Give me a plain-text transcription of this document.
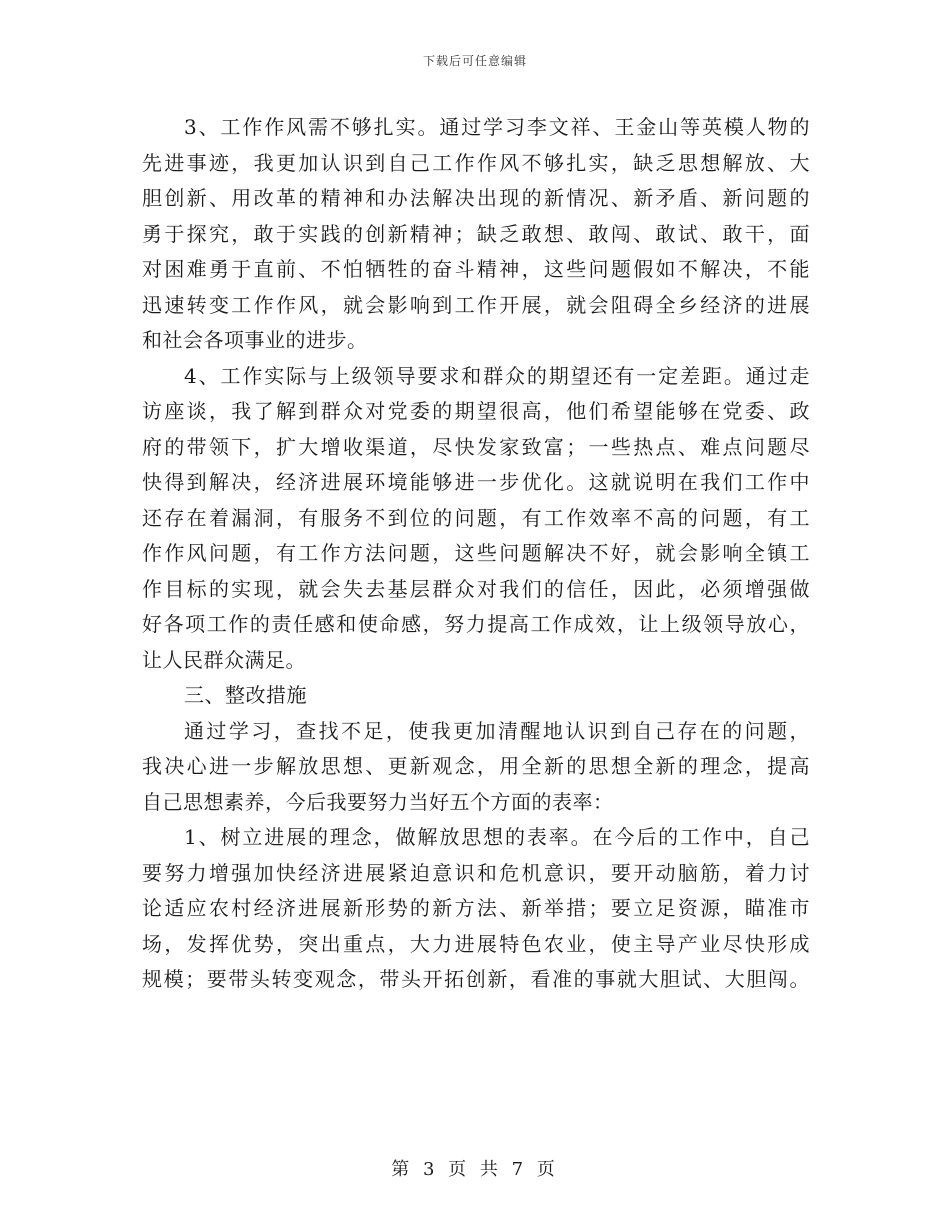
下载后可任意编辑
3、工作作风需不够扎实。通过学习李文祥、王金山等英模人物的
先进事迹，我更加认识到自己工作作风不够扎实，缺乏思想解放、大
胆创新、用改革的精神和办法解决出现的新情况、新矛盾、新问题的
勇于探究，敢于实践的创新精神；缺乏敢想、敢闯、敢试、敢干，面
对困难勇于直前、不怕牺牲的奋斗精神，这些问题假如不解决，不能
迅速转变工作作风，就会影响到工作开展，就会阻碍全乡经济的进展
和社会各项事业的进步。
4、工作实际与上级领导要求和群众的期望还有一定差距。通过走
访座谈，我了解到群众对党委的期望很高，他们希望能够在党委、政
府的带领下，扩大增收渠道，尽快发家致富；一些热点、难点问题尽
快得到解决，经济进展环境能够进一步优化。这就说明在我们工作中
还存在着漏洞，有服务不到位的问题，有工作效率不高的问题，有工
作作风问题，有工作方法问题，这些问题解决不好，就会影响全镇工
作目标的实现，就会失去基层群众对我们的信任，因此，必须增强做
好各项工作的责任感和使命感，努力提高工作成效，让上级领导放心，
让人民群众满足。
三、整改措施
通过学习，查找不足，使我更加清醒地认识到自己存在的问题，
我决心进一步解放思想、更新观念，用全新的思想全新的理念，提高
自己思想素养，今后我要努力当好五个方面的表率：
1、树立进展的理念，做解放思想的表率。在今后的工作中，自己
要努力增强加快经济进展紧迫意识和危机意识，要开动脑筋，着力讨
论适应农村经济进展新形势的新方法、新举措；要立足资源，瞄准市
场，发挥优势，突出重点，大力进展特色农业，使主导产业尽快形成
规模；要带头转变观念，带头开拓创新，看准的事就大胆试、大胆闯。
第 3 页 共 7 页
